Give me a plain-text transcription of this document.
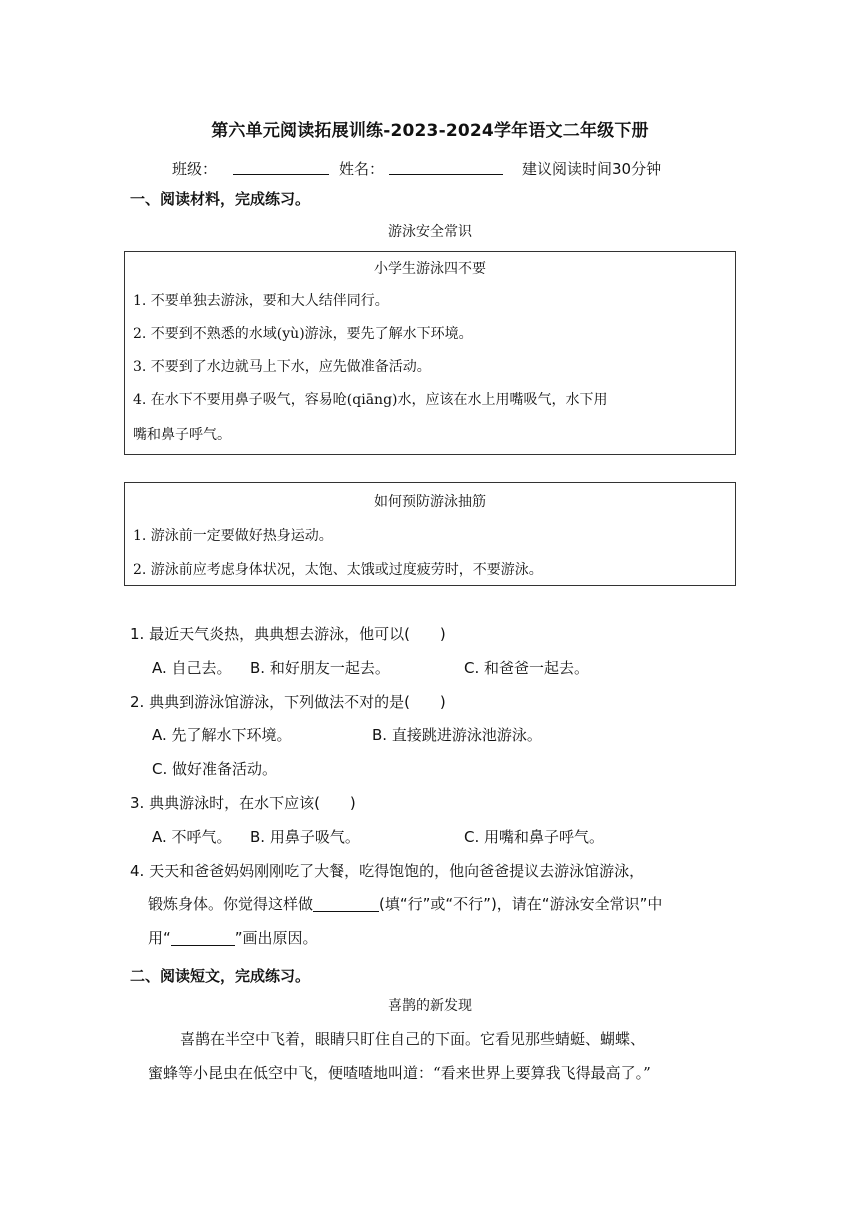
第六单元阅读拓展训练-2023-2024学年语文二年级下册
班级：	姓名：	建议阅读时间30分钟
一、阅读材料，完成练习。
游泳安全常识
小学生游泳四不要
1. 不要单独去游泳，要和大人结伴同行。
2. 不要到不熟悉的水域(yù)游泳，要先了解水下环境。
3. 不要到了水边就马上下水，应先做准备活动。
4. 在水下不要用鼻子吸气，容易呛(qiāng)水，应该在水上用嘴吸气，水下用
嘴和鼻子呼气。
如何预防游泳抽筋
1. 游泳前一定要做好热身运动。
2. 游泳前应考虑身体状况，太饱、太饿或过度疲劳时，不要游泳。
1. 最近天气炎热，典典想去游泳，他可以(　　)
A. 自己去。 B. 和好朋友一起去。	C. 和爸爸一起去。
2. 典典到游泳馆游泳，下列做法不对的是(　　)
A. 先了解水下环境。	B. 直接跳进游泳池游泳。
C. 做好准备活动。
3. 典典游泳时，在水下应该(　　)
A. 不呼气。 B. 用鼻子吸气。	C. 用嘴和鼻子呼气。
4. 天天和爸爸妈妈刚刚吃了大餐，吃得饱饱的，他向爸爸提议去游泳馆游泳，
锻炼身体。你觉得这样做	(填“行”或“不行”)，请在“游泳安全常识”中
用“	”画出原因。
二、阅读短文，完成练习。
喜鹊的新发现
喜鹊在半空中飞着，眼睛只盯住自己的下面。它看见那些蜻蜓、蝴蝶、
蜜蜂等小昆虫在低空中飞，便喳喳地叫道：“看来世界上要算我飞得最高了。”
